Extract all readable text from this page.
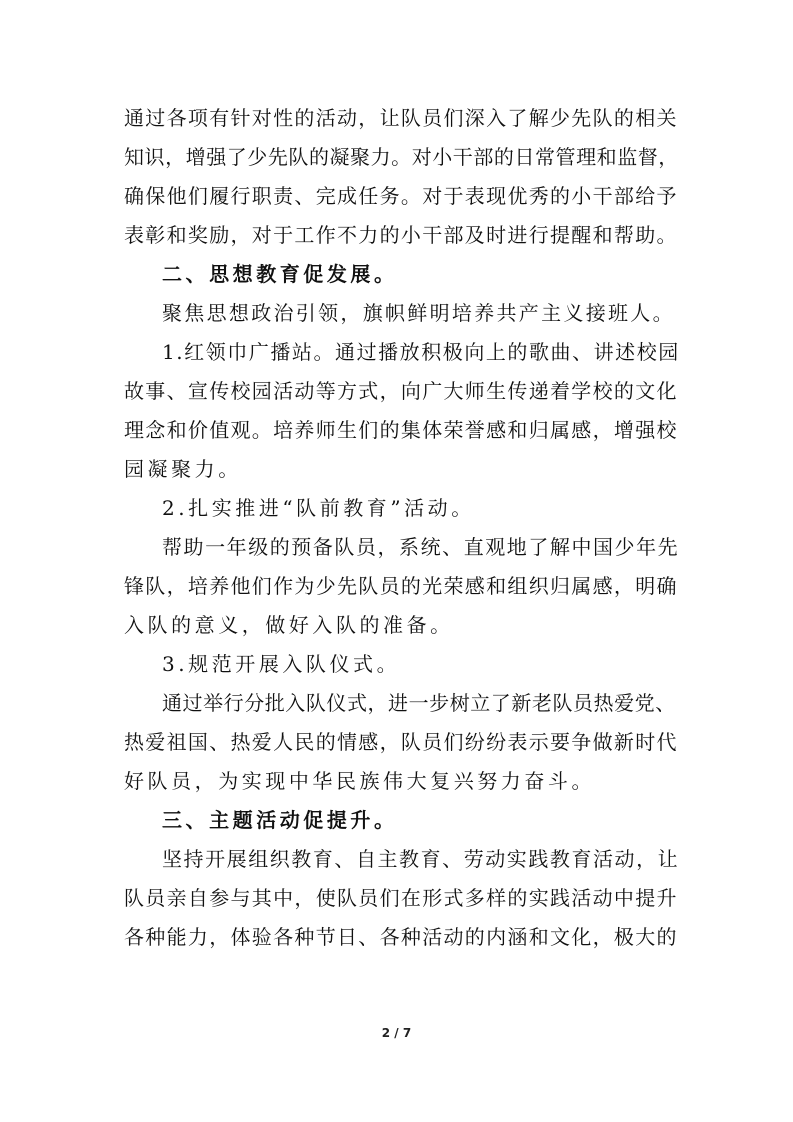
通过各项有针对性的活动，让队员们深入了解少先队的相关
知识，增强了少先队的凝聚力。对小干部的日常管理和监督，
确保他们履行职责、完成任务。对于表现优秀的小干部给予
表彰和奖励，对于工作不力的小干部及时进行提醒和帮助。
二、思想教育促发展。
聚焦思想政治引领，旗帜鲜明培养共产主义接班人。
1.红领巾广播站。通过播放积极向上的歌曲、讲述校园
故事、宣传校园活动等方式，向广大师生传递着学校的文化
理念和价值观。培养师生们的集体荣誉感和归属感，增强校
园凝聚力。
2.扎实推进“队前教育”活动。
帮助一年级的预备队员，系统、直观地了解中国少年先
锋队，培养他们作为少先队员的光荣感和组织归属感，明确
入队的意义，做好入队的准备。
3.规范开展入队仪式。
通过举行分批入队仪式，进一步树立了新老队员热爱党、
热爱祖国、热爱人民的情感，队员们纷纷表示要争做新时代
好队员，为实现中华民族伟大复兴努力奋斗。
三、主题活动促提升。
坚持开展组织教育、自主教育、劳动实践教育活动，让
队员亲自参与其中，使队员们在形式多样的实践活动中提升
各种能力，体验各种节日、各种活动的内涵和文化，极大的
2 / 7
